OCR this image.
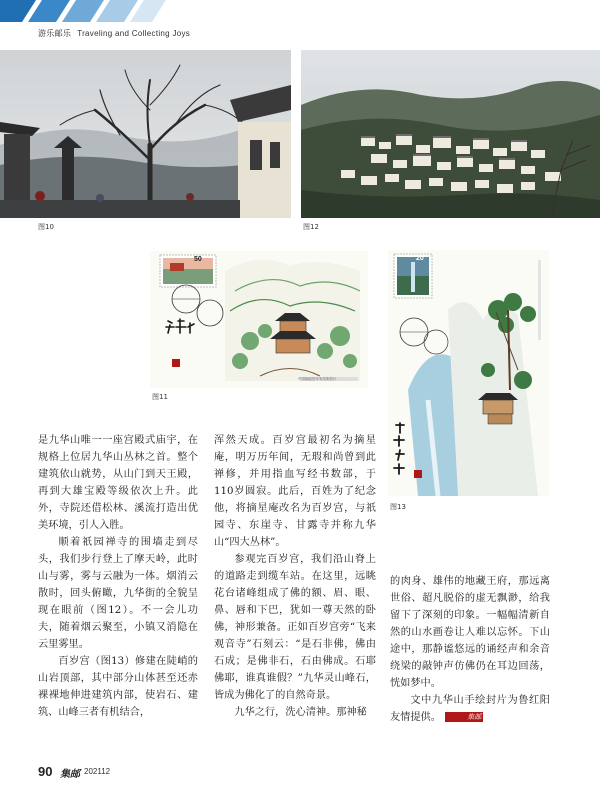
游乐邮乐 Traveling and Collecting Joys
图10	图12
中国邮政贺年有奖明信片
50
图11
20
图13

是九华山唯一一座宫殿式庙宇，在规格上位居九华山丛林之首。整个建筑依山就势，从山门到天王殿，再到大雄宝殿等级依次上升。此外，寺院还借松林、溪流打造出优美环境，引人入胜。

顺着祇园禅寺的围墙走到尽头，我们步行登上了摩天岭，此时山与雾，雾与云融为一体。烟消云散时，回头俯瞰，九华街的全貌呈现在眼前（图12）。不一会儿功夫，随着烟云聚至，小镇又消隐在云里雾里。

百岁宫（图13）修建在陡峭的山岩顶部，其中部分山体甚至还赤裸裸地伸进建筑内部，使岩石、建筑、山峰三者有机结合，

浑然天成。百岁宫最初名为摘星庵，明万历年间，无瑕和尚曾到此禅修，并用指血写经书数部，于110岁圆寂。此后，百姓为了纪念他，将摘星庵改名为百岁宫，与祇园寺、东崖寺、甘露寺并称九华山“四大丛林”。

参观完百岁宫，我们沿山脊上的道路走到缆车站。在这里，远眺花台诸峰组成了佛的额、眉、眼、鼻、唇和下巴，犹如一尊天然的卧佛，神形兼备。正如百岁宫旁“飞来观音寺”石刻云：“是石非佛，佛由石成；是佛非石，石由佛成。石耶佛耶，谁真谁假？”九华灵山峰石，皆成为佛化了的自然奇景。

九华之行，洗心清神。那神秘

的肉身、雄伟的地藏王府，那远离世俗、超凡脱俗的虚无飘渺，给我留下了深刻的印象。一幅幅清新自然的山水画卷让人难以忘怀。下山途中，那静谧悠远的诵经声和余音绕梁的敲钟声仿佛仍在耳边回荡，恍如梦中。

文中九华山手绘封片为鲁红阳友情提供。	集邮

90 集邮 202112
